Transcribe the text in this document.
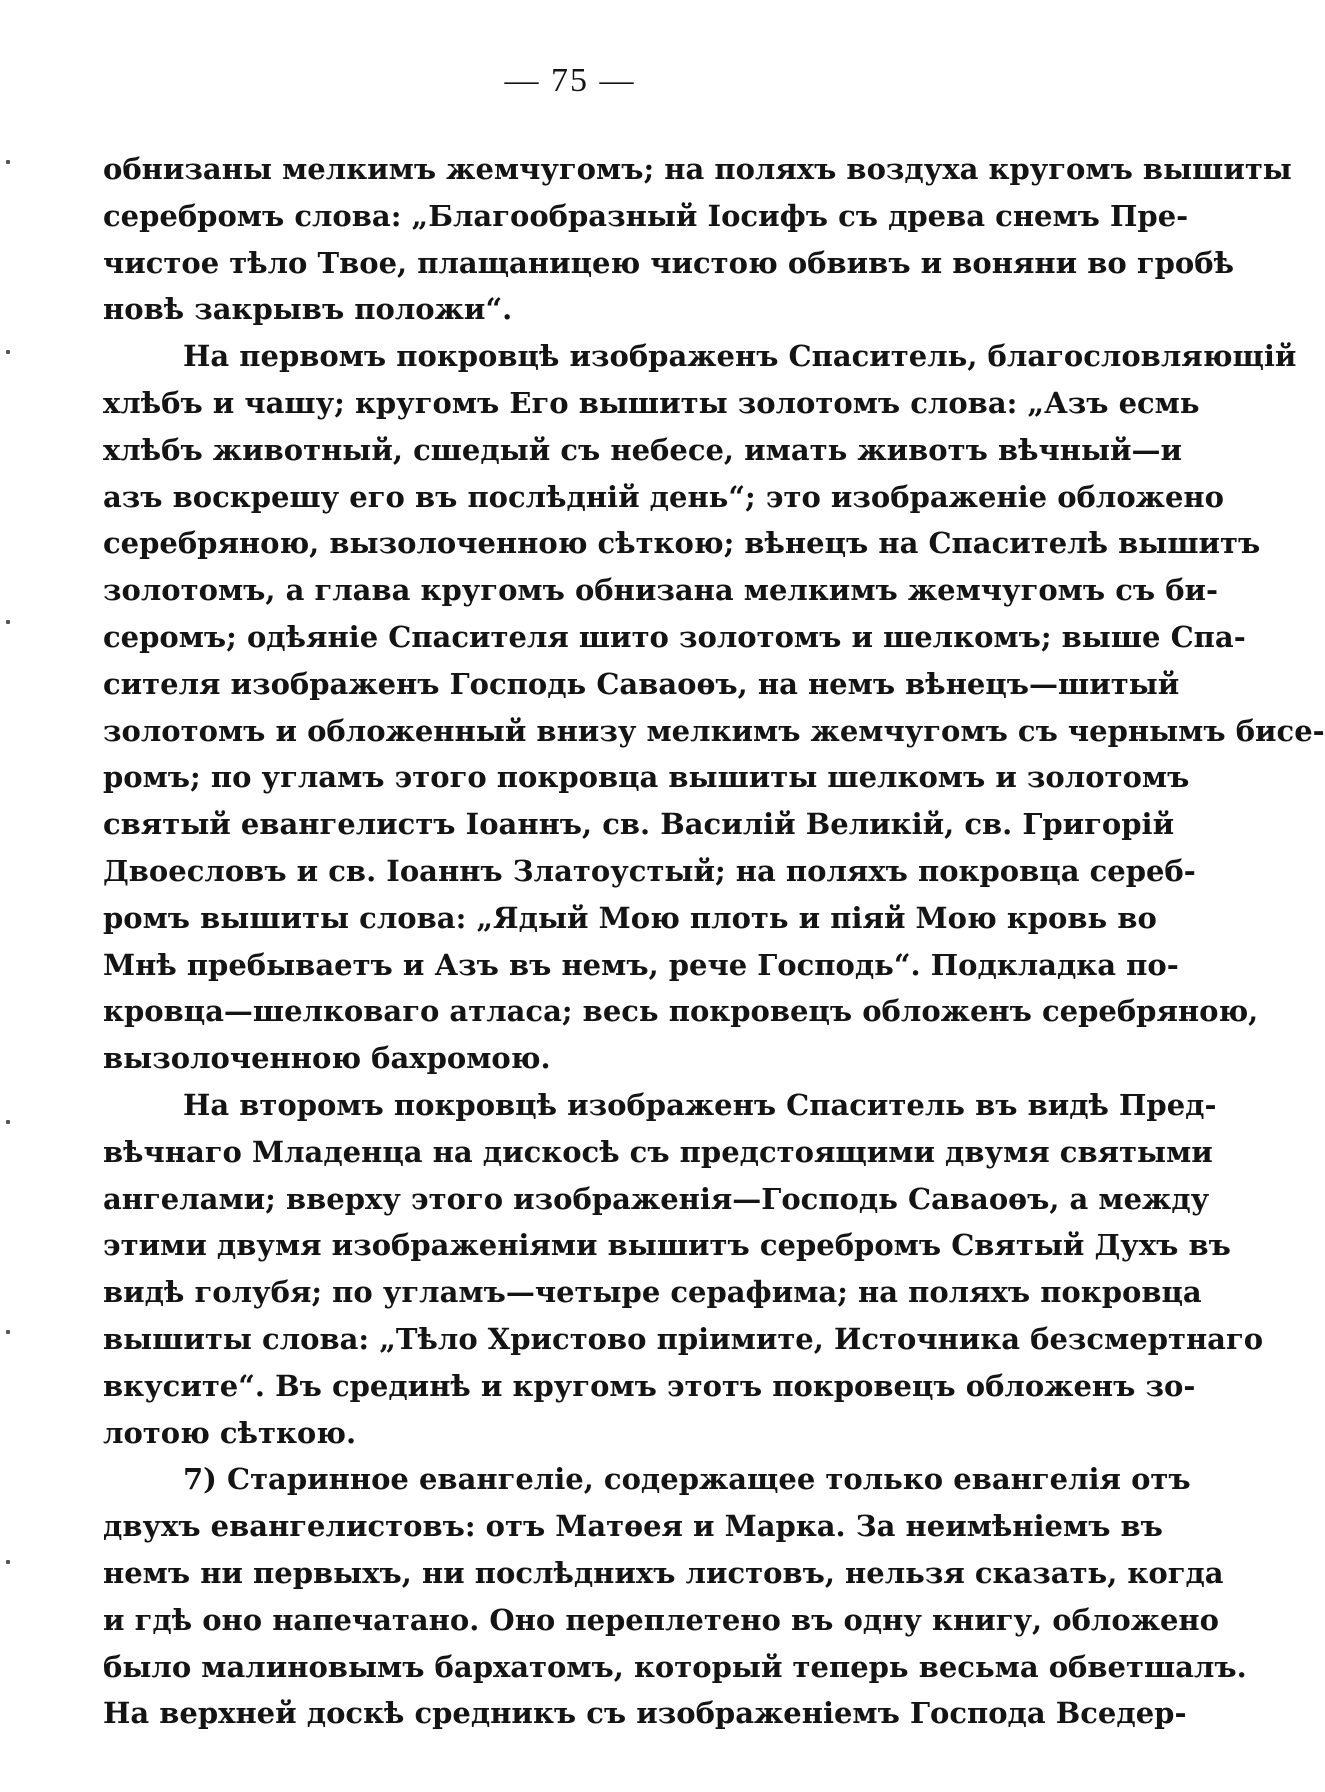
— 75 —
обнизаны мелкимъ жемчугомъ; на поляхъ воздуха кругомъ вышиты
серебромъ слова: „Благообразный Іосифъ съ древа снемъ Пре-
чистое тѣло Твое, плащаницею чистою обвивъ и воняни во гробѣ
новѣ закрывъ положи“.
На первомъ покровцѣ изображенъ Спаситель, благословляющій
хлѣбъ и чашу; кругомъ Его вышиты золотомъ слова: „Азъ есмь
хлѣбъ животный, сшедый съ небесе, имать животъ вѣчный—и
азъ воскрешу его въ послѣдній день“; это изображеніе обложено
серебряною, вызолоченною сѣткою; вѣнецъ на Спасителѣ вышитъ
золотомъ, а глава кругомъ обнизана мелкимъ жемчугомъ съ би-
серомъ; одѣяніе Спасителя шито золотомъ и шелкомъ; выше Спа-
сителя изображенъ Господь Саваоѳъ, на немъ вѣнецъ—шитый
золотомъ и обложенный внизу мелкимъ жемчугомъ съ чернымъ бисе-
ромъ; по угламъ этого покровца вышиты шелкомъ и золотомъ
святый евангелистъ Іоаннъ, св. Василій Великій, св. Григорій
Двоесловъ и св. Іоаннъ Златоустый; на поляхъ покровца сереб-
ромъ вышиты слова: „Ядый Мою плоть и піяй Мою кровь во
Мнѣ пребываетъ и Азъ въ немъ, рече Господь“. Подкладка по-
кровца—шелковаго атласа; весь покровецъ обложенъ серебряною,
вызолоченною бахромою.
На второмъ покровцѣ изображенъ Спаситель въ видѣ Пред-
вѣчнаго Младенца на дискосѣ съ предстоящими двумя святыми
ангелами; вверху этого изображенія—Господь Саваоѳъ, а между
этими двумя изображеніями вышитъ серебромъ Святый Духъ въ
видѣ голубя; по угламъ—четыре серафима; на поляхъ покровца
вышиты слова: „Тѣло Христово пріимите, Источника безсмертнаго
вкусите“. Въ срединѣ и кругомъ этотъ покровецъ обложенъ зо-
лотою сѣткою.
7) Старинное евангеліе, содержащее только евангелія отъ
двухъ евангелистовъ: отъ Матѳея и Марка. За неимѣніемъ въ
немъ ни первыхъ, ни послѣднихъ листовъ, нельзя сказать, когда
и гдѣ оно напечатано. Оно переплетено въ одну книгу, обложено
было малиновымъ бархатомъ, который теперь весьма обветшалъ.
На верхней доскѣ средникъ съ изображеніемъ Господа Вседер-
